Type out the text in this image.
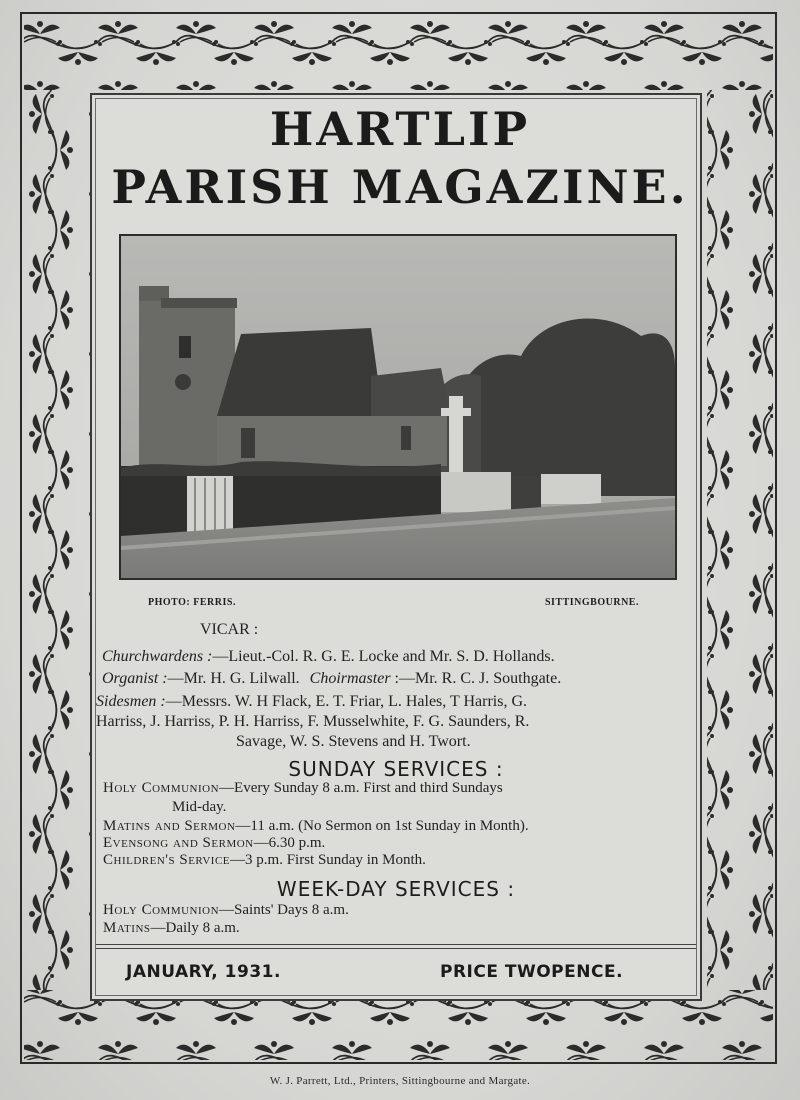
HARTLIP
PARISH MAGAZINE.
PHOTO: FERRIS.	SITTINGBOURNE.
VICAR :
Churchwardens :—Lieut.-Col. R. G. E. Locke and Mr. S. D. Hollands.
Organist :—Mr. H. G. Lilwall. Choirmaster :—Mr. R. C. J. Southgate.
Sidesmen :—Messrs. W. H Flack, E. T. Friar, L. Hales, T Harris, G.
Harriss, J. Harriss, P. H. Harriss, F. Musselwhite, F. G. Saunders, R.
Savage, W. S. Stevens and H. Twort.
SUNDAY SERVICES :
Holy Communion—Every Sunday 8 a.m. First and third Sundays
Mid-day.
Matins and Sermon—11 a.m. (No Sermon on 1st Sunday in Month).
Evensong and Sermon—6.30 p.m.
Children's Service—3 p.m. First Sunday in Month.
WEEK-DAY SERVICES :
Holy Communion—Saints' Days 8 a.m.
Matins—Daily 8 a.m.
JANUARY, 1931.	PRICE TWOPENCE.
W. J. Parrett, Ltd., Printers, Sittingbourne and Margate.
